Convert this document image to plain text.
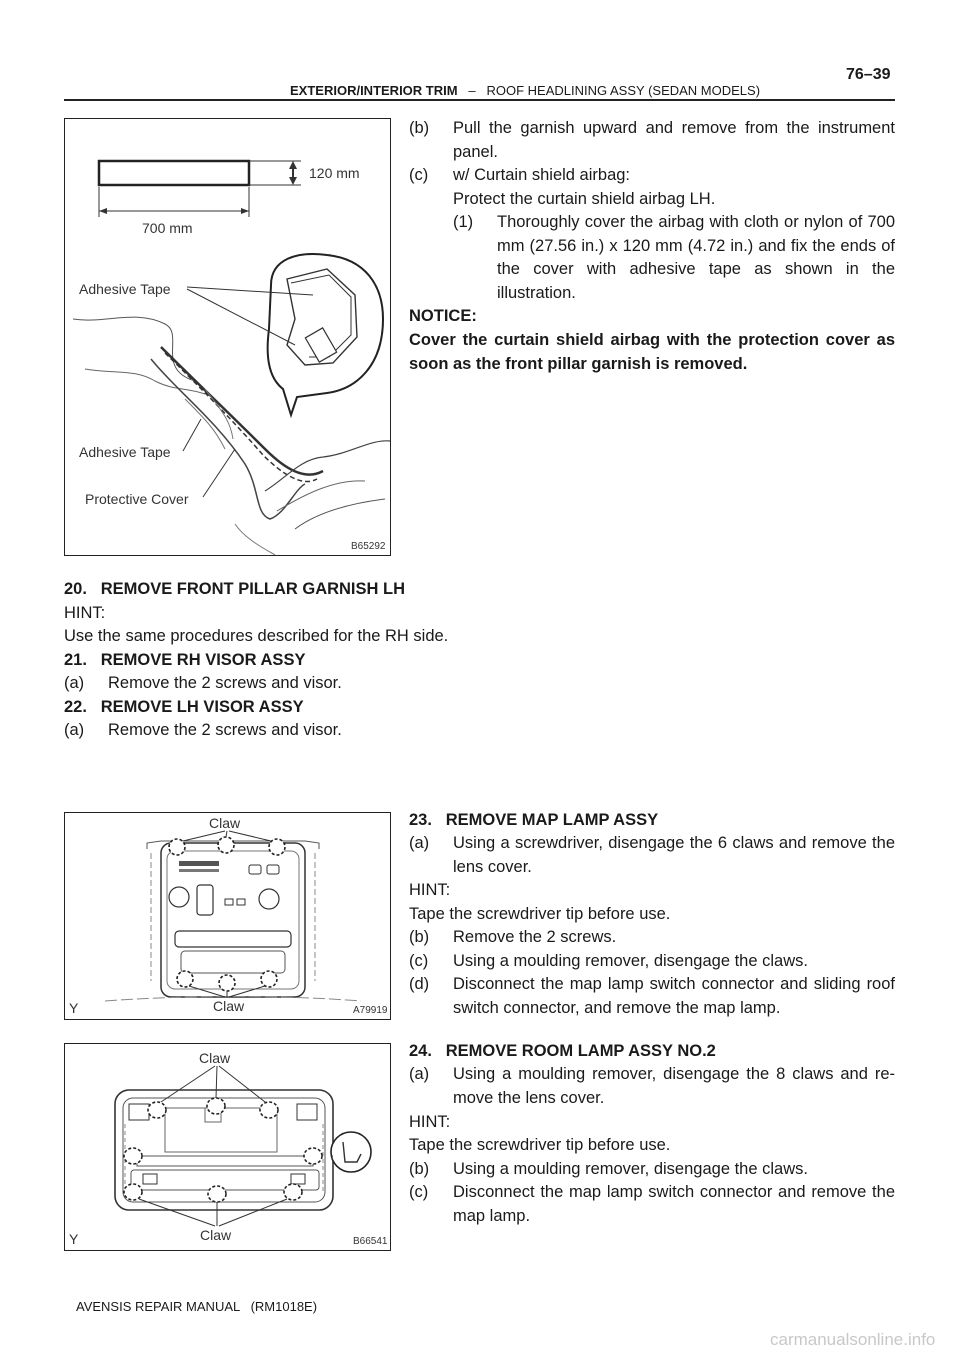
76–39
EXTERIOR/INTERIOR TRIM – ROOF HEADLINING ASSY (SEDAN MODELS)
120 mm
700 mm
Adhesive Tape
Adhesive Tape
Protective Cover
B65292
(b)	Pull the garnish upward and remove from the instrument panel.
(c)	w/ Curtain shield airbag:
Protect the curtain shield airbag LH.
(1)	Thoroughly cover the airbag with cloth or nylon of 700 mm (27.56 in.) x 120 mm (4.72 in.) and fix the ends of the cover with adhesive tape as shown in the illustration.
NOTICE:
Cover the curtain shield airbag with the protection cover as soon as the front pillar garnish is removed.
20.   REMOVE FRONT PILLAR GARNISH LH
HINT:
Use the same procedures described for the RH side.
21.   REMOVE RH VISOR ASSY
(a)	Remove the 2 screws and visor.
22.   REMOVE LH VISOR ASSY
(a)	Remove the 2 screws and visor.
Claw
Claw
Y	A79919
23.   REMOVE MAP LAMP ASSY
(a)	Using a screwdriver, disengage the 6 claws and remove the lens cover.
HINT:
Tape the screwdriver tip before use.
(b)	Remove the 2 screws.
(c)	Using a moulding remover, disengage the claws.
(d)	Disconnect the map lamp switch connector and sliding roof switch connector, and remove the map lamp.
Claw
Claw
Y	B66541
24.   REMOVE ROOM LAMP ASSY NO.2
(a)	Using a moulding remover, disengage the 8 claws and re- move the lens cover.
HINT:
Tape the screwdriver tip before use.
(b)	Using a moulding remover, disengage the claws.
(c)	Disconnect the map lamp switch connector and remove the map lamp.
AVENSIS REPAIR MANUAL   (RM1018E)
carmanualsonline.info
